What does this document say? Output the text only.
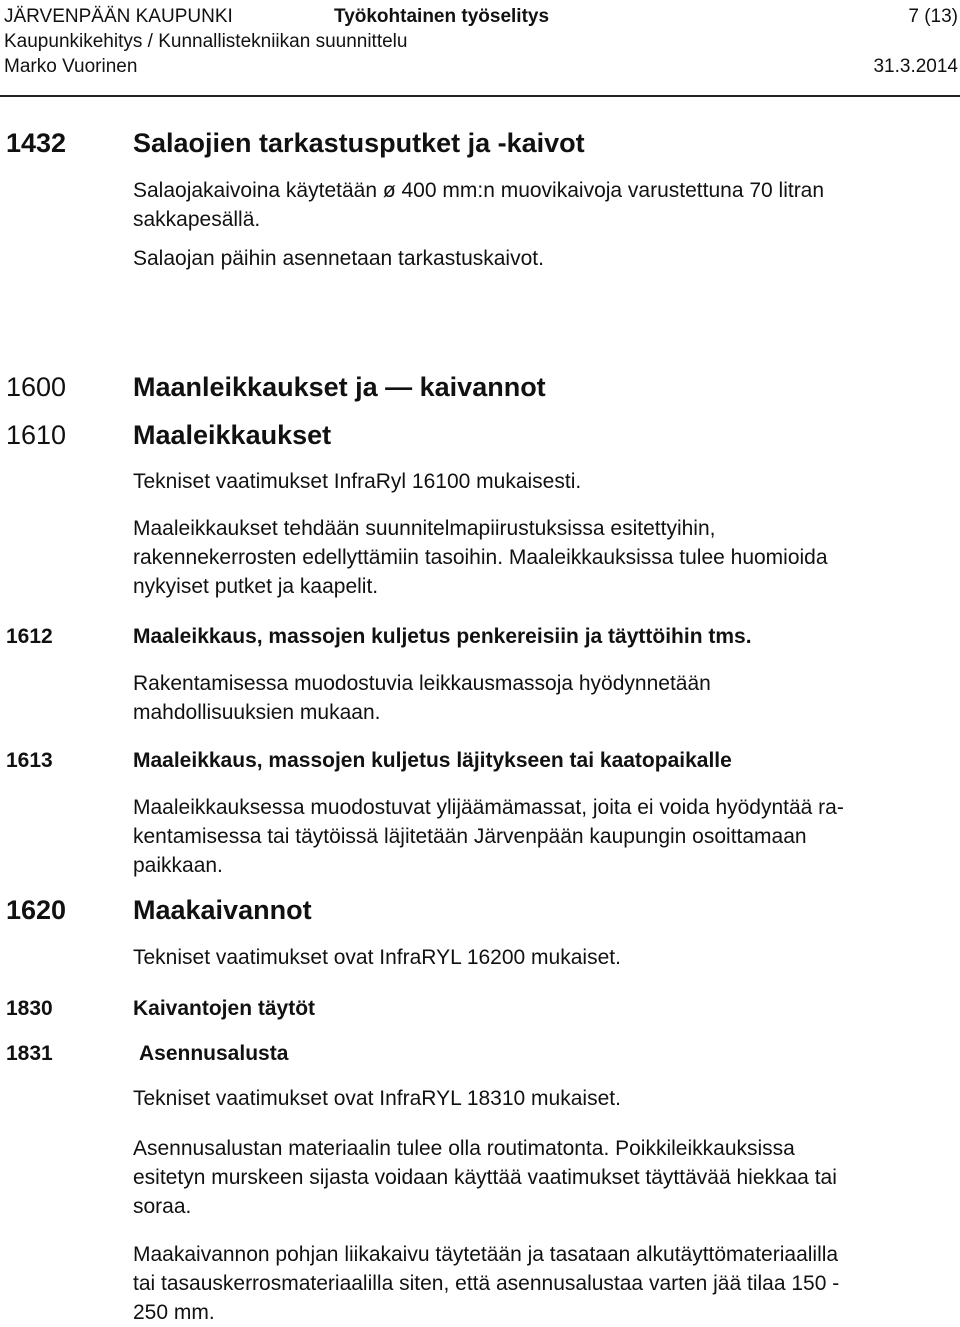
JÄRVENPÄÄN KAUPUNKI	Työkohtainen työselitys	7 (13)
Kaupunkikehitys / Kunnallistekniikan suunnittelu
Marko Vuorinen	31.3.2014
1432 Salaojien tarkastusputket ja -kaivot
Salaojakaivoina käytetään ø 400 mm:n muovikaivoja varustettuna 70 litran
sakkapesällä.
Salaojan päihin asennetaan tarkastuskaivot.
1600 Maanleikkaukset ja — kaivannot
1610 Maaleikkaukset
Tekniset vaatimukset InfraRyl 16100 mukaisesti.
Maaleikkaukset tehdään suunnitelmapiirustuksissa esitettyihin,
rakennekerrosten edellyttämiin tasoihin. Maaleikkauksissa tulee huomioida
nykyiset putket ja kaapelit.
1612	Maaleikkaus, massojen kuljetus penkereisiin ja täyttöihin tms.
Rakentamisessa muodostuvia leikkausmassoja hyödynnetään
mahdollisuuksien mukaan.
1613	Maaleikkaus, massojen kuljetus läjitykseen tai kaatopaikalle
Maaleikkauksessa muodostuvat ylijäämämassat, joita ei voida hyödyntää ra-
kentamisessa tai täytöissä läjitetään Järvenpään kaupungin osoittamaan
paikkaan.
1620 Maakaivannot
Tekniset vaatimukset ovat InfraRYL 16200 mukaiset.
1830	Kaivantojen täytöt
1831	Asennusalusta
Tekniset vaatimukset ovat InfraRYL 18310 mukaiset.
Asennusalustan materiaalin tulee olla routimatonta. Poikkileikkauksissa
esitetyn murskeen sijasta voidaan käyttää vaatimukset täyttävää hiekkaa tai
soraa.
Maakaivannon pohjan liikakaivu täytetään ja tasataan alkutäyttömateriaalilla
tai tasauskerrosmateriaalilla siten, että asennusalustaa varten jää tilaa 150 -
250 mm.
